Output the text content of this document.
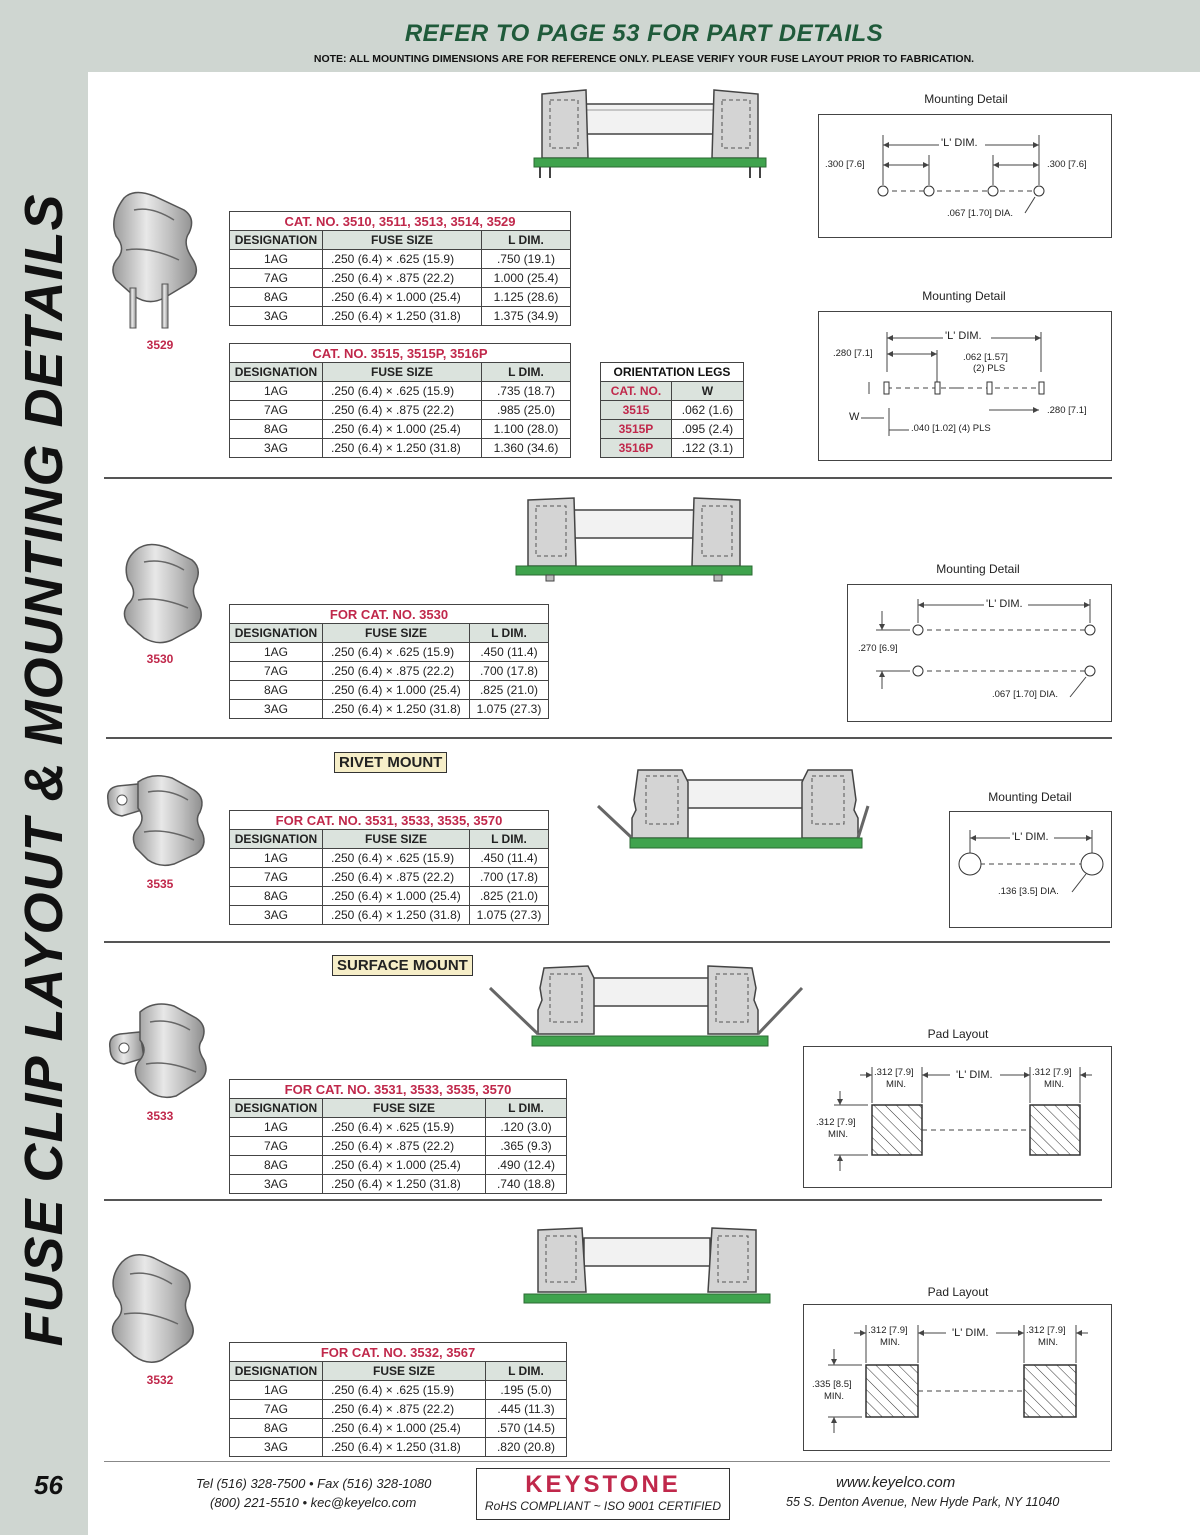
FUSE CLIP LAYOUT & MOUNTING DETAILS
56
REFER TO PAGE 53 FOR PART DETAILS
NOTE: ALL MOUNTING DIMENSIONS ARE FOR REFERENCE ONLY. PLEASE VERIFY YOUR FUSE LAYOUT PRIOR TO FABRICATION.
3529
CAT. NO. 3510, 3511, 3513, 3514, 3529		
DESIGNATION	FUSE SIZE	L DIM.
1AG	.250 (6.4) × .625 (15.9)	.750 (19.1)
7AG	.250 (6.4) × .875 (22.2)	1.000 (25.4)
8AG	.250 (6.4) × 1.000 (25.4)	1.125 (28.6)
3AG	.250 (6.4) × 1.250 (31.8)	1.375 (34.9)
CAT. NO. 3515, 3515P, 3516P		
DESIGNATION	FUSE SIZE	L DIM.
1AG	.250 (6.4) × .625 (15.9)	.735 (18.7)
7AG	.250 (6.4) × .875 (22.2)	.985 (25.0)
8AG	.250 (6.4) × 1.000 (25.4)	1.100 (28.0)
3AG	.250 (6.4) × 1.250 (31.8)	1.360 (34.6)
ORIENTATION LEGS	
CAT. NO.	W
3515	.062 (1.6)
3515P	.095 (2.4)
3516P	.122 (3.1)
Mounting Detail
'L' DIM.
.300 [7.6]	.300 [7.6]
.067 [1.70] DIA.
Mounting Detail
'L' DIM.
.280 [7.1]	.062 [1.57]
(2) PLS
.280 [7.1]
W
.040 [1.02] (4) PLS
3530
FOR CAT. NO. 3530		
DESIGNATION	FUSE SIZE	L DIM.
1AG	.250 (6.4) × .625 (15.9)	.450 (11.4)
7AG	.250 (6.4) × .875 (22.2)	.700 (17.8)
8AG	.250 (6.4) × 1.000 (25.4)	.825 (21.0)
3AG	.250 (6.4) × 1.250 (31.8)	1.075 (27.3)
Mounting Detail
'L' DIM.
.270 [6.9]
.067 [1.70] DIA.
RIVET MOUNT
3535
FOR CAT. NO. 3531, 3533, 3535, 3570		
DESIGNATION	FUSE SIZE	L DIM.
1AG	.250 (6.4) × .625 (15.9)	.450 (11.4)
7AG	.250 (6.4) × .875 (22.2)	.700 (17.8)
8AG	.250 (6.4) × 1.000 (25.4)	.825 (21.0)
3AG	.250 (6.4) × 1.250 (31.8)	1.075 (27.3)
Mounting Detail
'L' DIM.
.136 [3.5] DIA.
SURFACE MOUNT
3533
FOR CAT. NO. 3531, 3533, 3535, 3570		
DESIGNATION	FUSE SIZE	L DIM.
1AG	.250 (6.4) × .625 (15.9)	.120 (3.0)
7AG	.250 (6.4) × .875 (22.2)	.365 (9.3)
8AG	.250 (6.4) × 1.000 (25.4)	.490 (12.4)
3AG	.250 (6.4) × 1.250 (31.8)	.740 (18.8)
Pad Layout
'L' DIM.
.312 [7.9]
MIN.
.312 [7.9]
MIN.
.312 [7.9]
MIN.
3532
FOR CAT. NO. 3532, 3567		
DESIGNATION	FUSE SIZE	L DIM.
1AG	.250 (6.4) × .625 (15.9)	.195 (5.0)
7AG	.250 (6.4) × .875 (22.2)	.445 (11.3)
8AG	.250 (6.4) × 1.000 (25.4)	.570 (14.5)
3AG	.250 (6.4) × 1.250 (31.8)	.820 (20.8)
Pad Layout
'L' DIM.
.312 [7.9]
MIN.
.312 [7.9]
MIN.
.335 [8.5]
MIN.
Tel (516) 328-7500 • Fax (516) 328-1080
(800) 221-5510 • kec@keyelco.com
KEYSTONE
RoHS COMPLIANT ~ ISO 9001 CERTIFIED
www.keyelco.com
55 S. Denton Avenue, New Hyde Park, NY 11040
